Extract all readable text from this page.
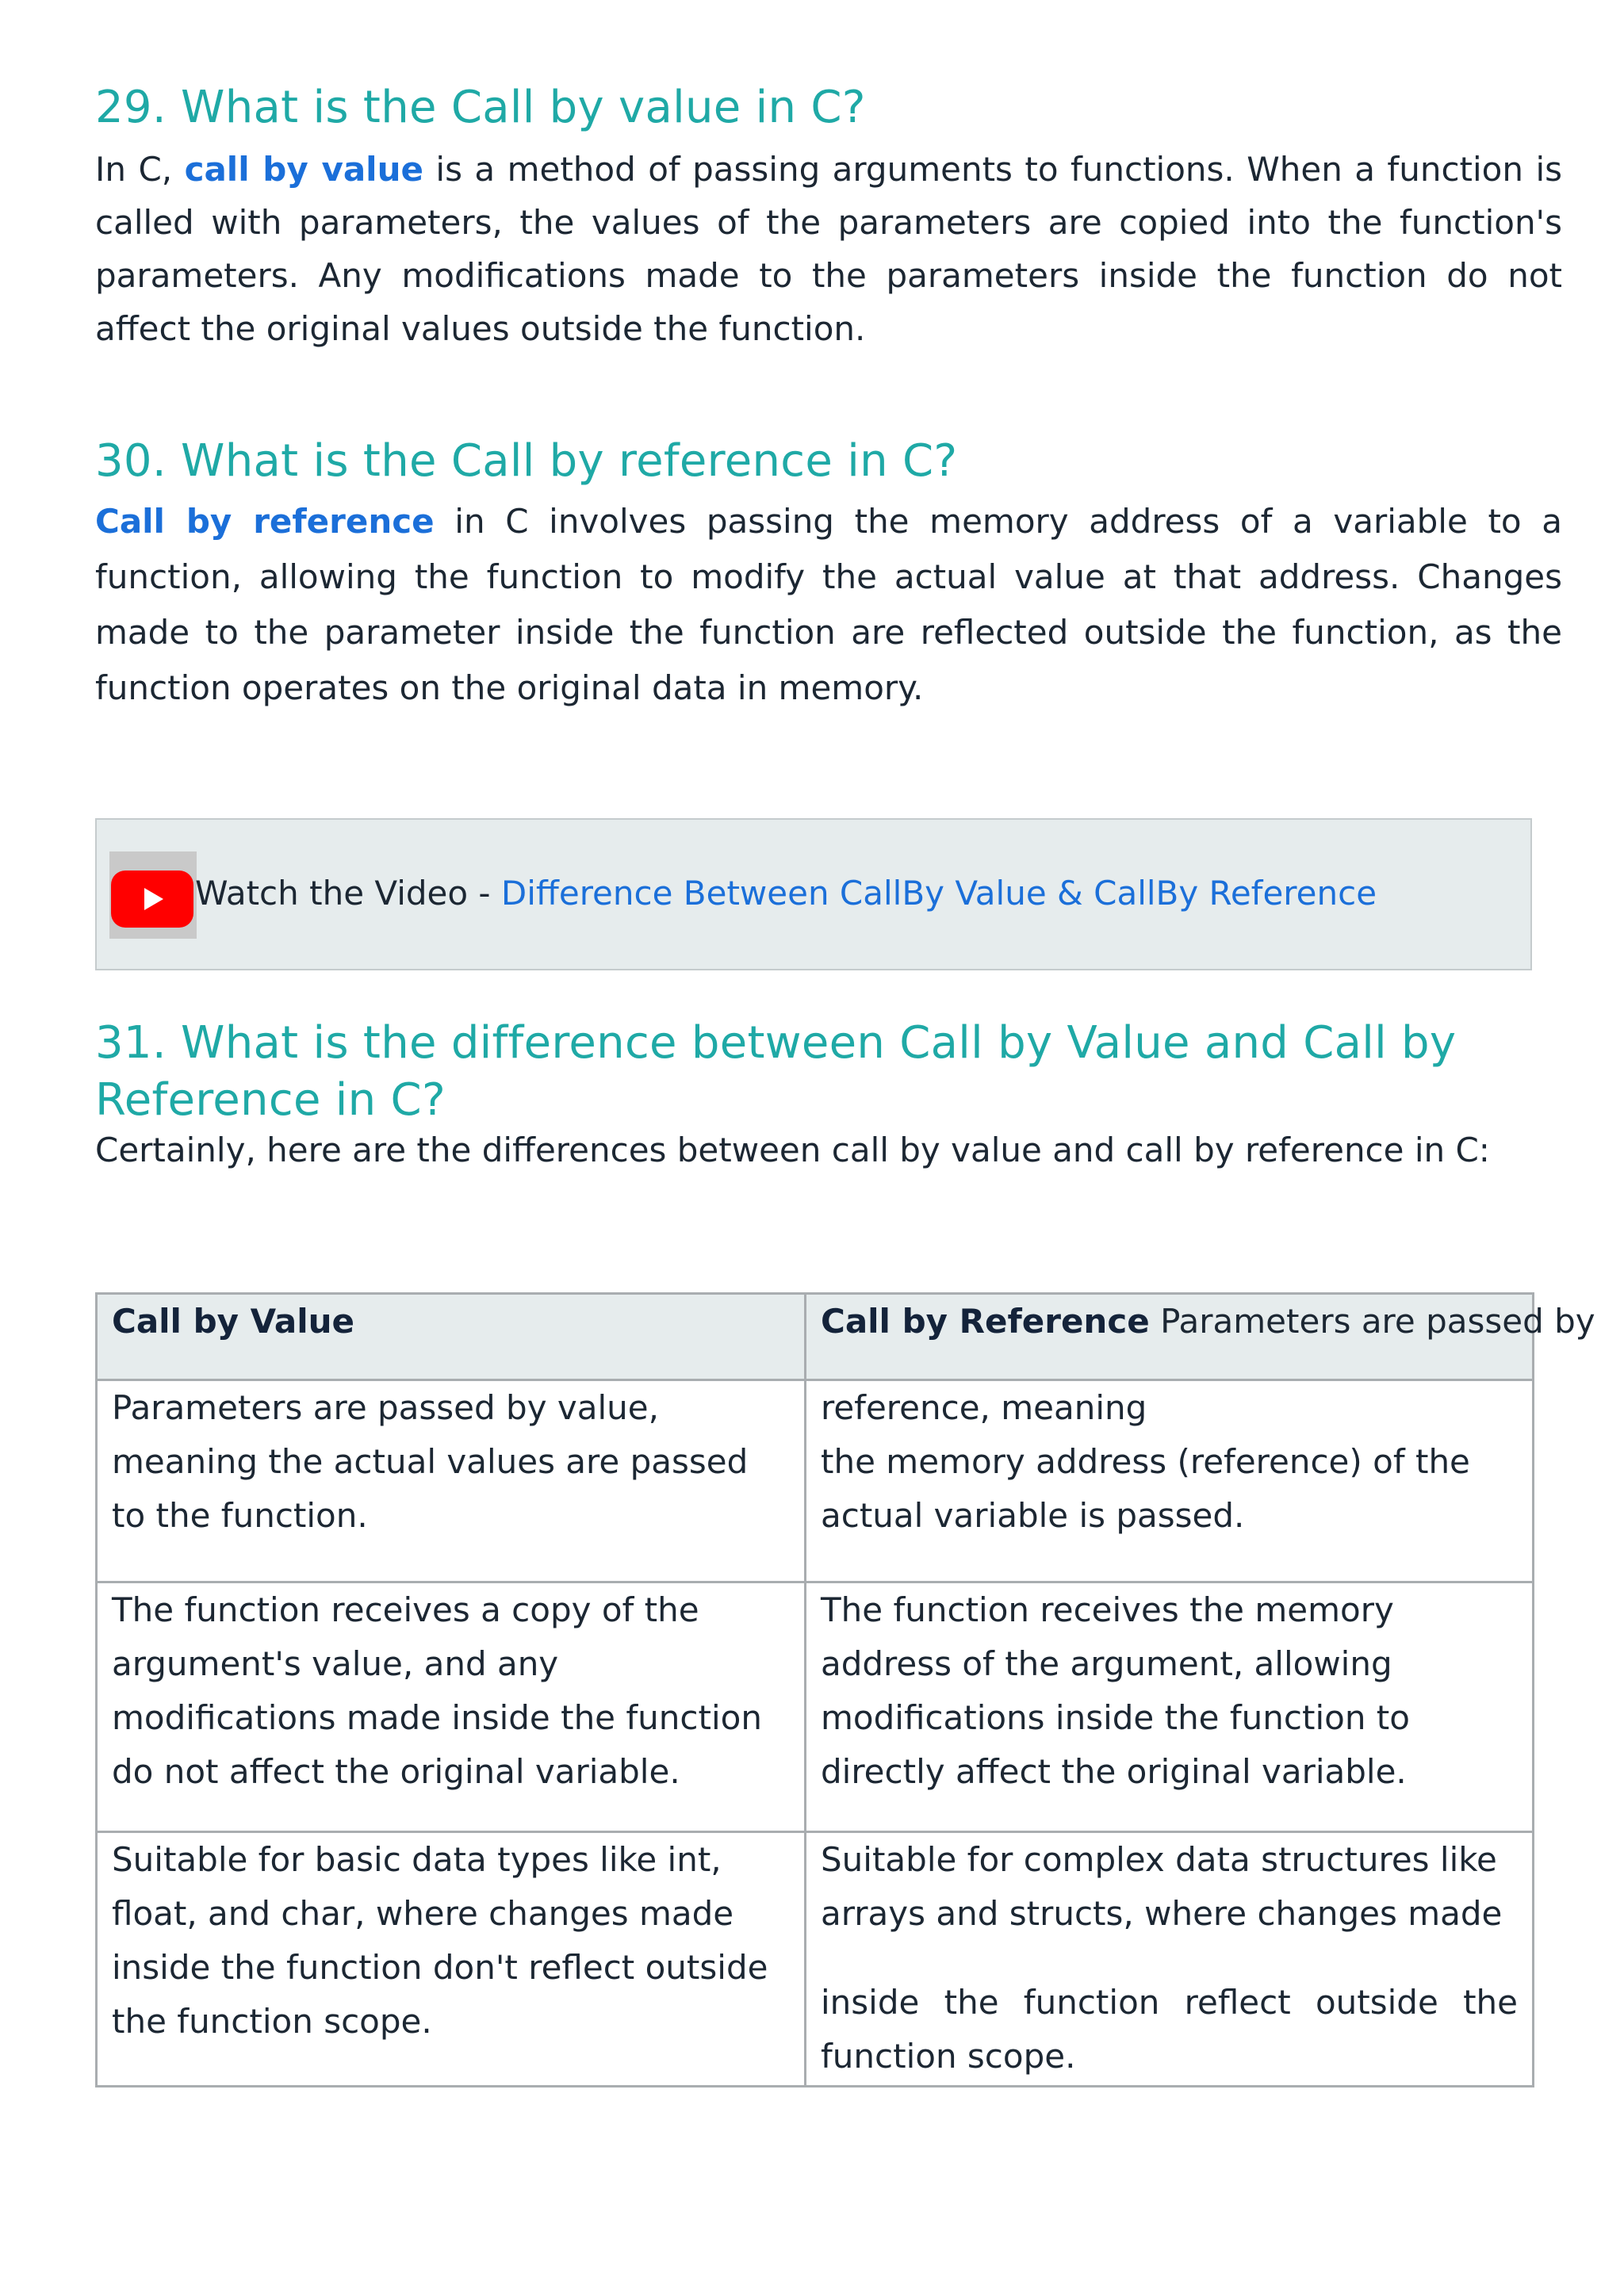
29. What is the Call by value in C?

In C, call by value is a method of passing arguments to functions. When a function is called with parameters, the values of the parameters are copied into the function's parameters. Any modifications made to the parameters inside the function do not affect the original values outside the function.

30. What is the Call by reference in C?

Call by reference in C involves passing the memory address of a variable to a function, allowing the function to modify the actual value at that address. Changes made to the parameter inside the function are reflected outside the function, as the function operates on the original data in memory.

Watch the Video - Difference Between CallBy Value & CallBy Reference
31. What is the difference between Call by Value and Call by
Reference in C?

Certainly, here are the differences between call by value and call by reference in C:

Call by Value	Call by Reference Parameters are passed by
Parameters are passed by value, meaning the actual values are passed to the function.	reference, meaning
the memory address (reference) of the actual variable is passed.
The function receives a copy of the argument's value, and any modifications made inside the function do not affect the original variable.	The function receives the memory address of the argument, allowing modifications inside the function to directly affect the original variable.
Suitable for basic data types like int, float, and char, where changes made inside the function don't reflect outside the function scope.	Suitable for complex data structures like arrays and structs, where changes made
inside the function reflect outside the
function scope.
